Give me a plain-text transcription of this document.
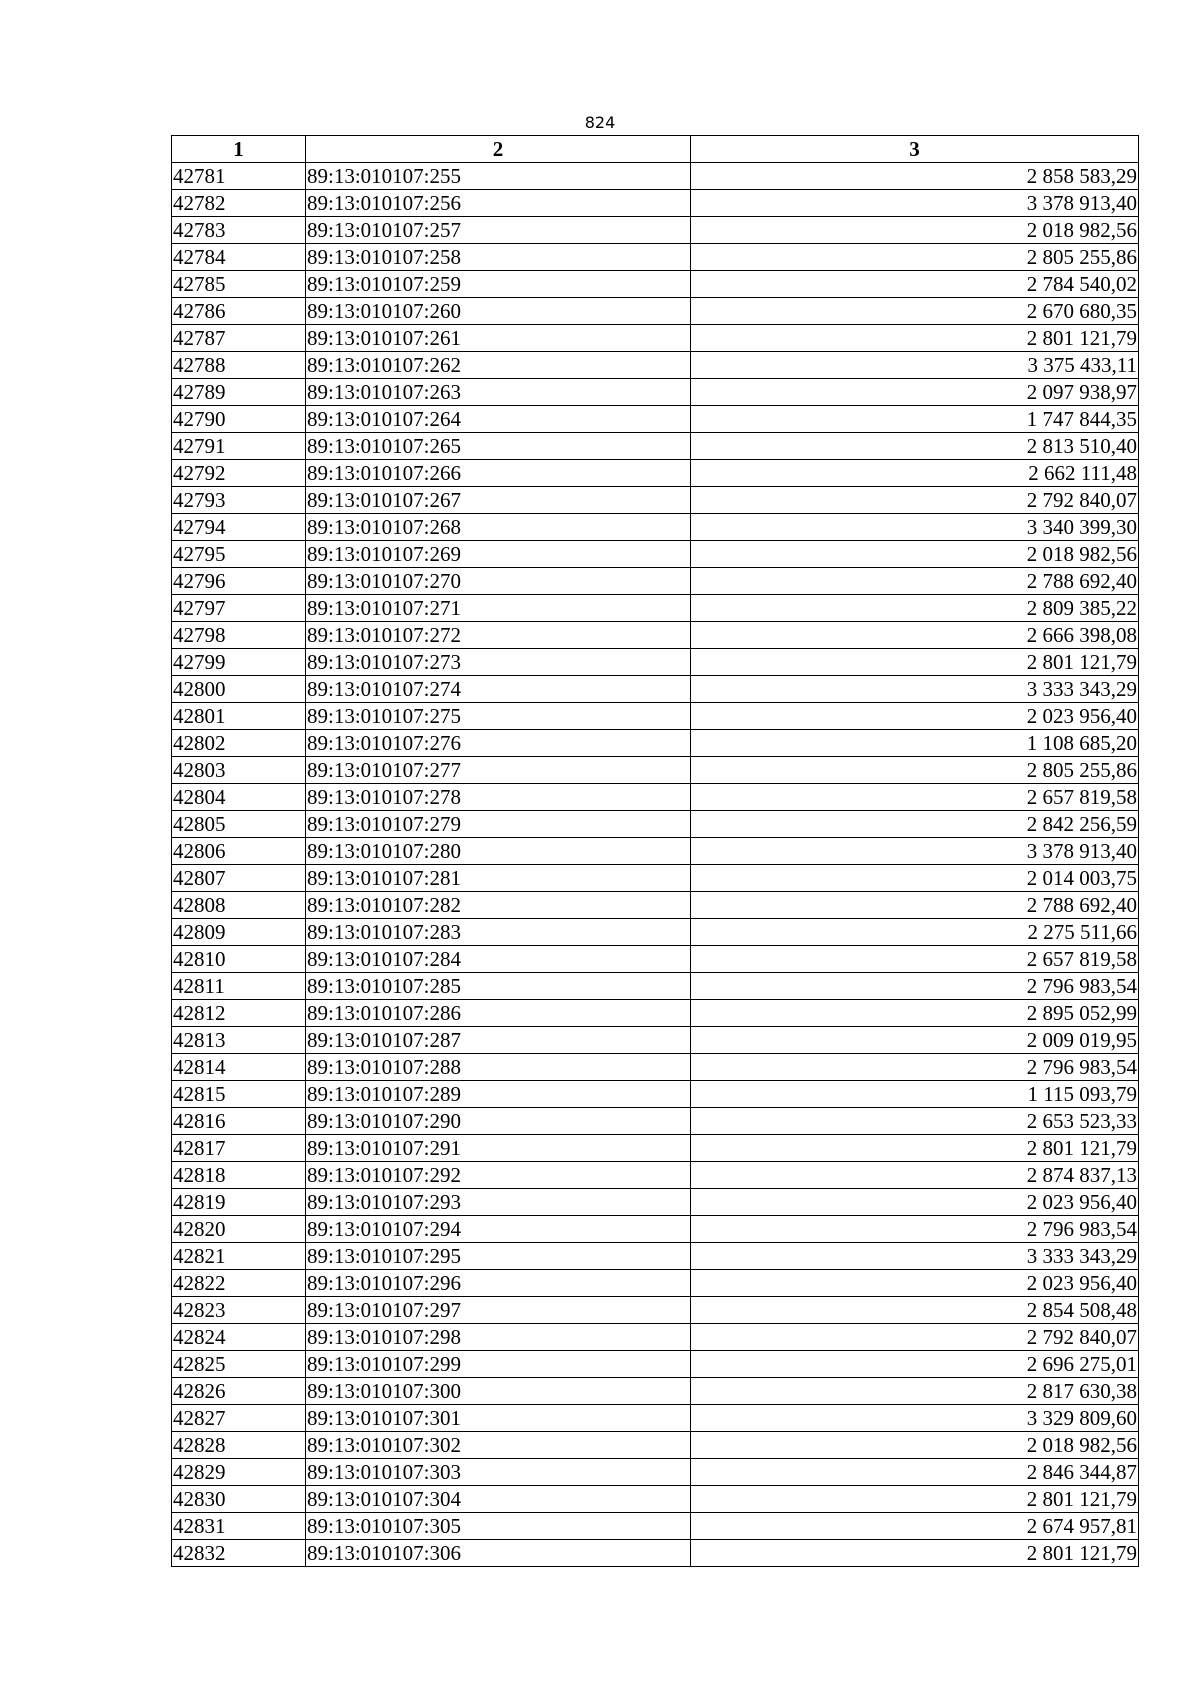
824
1	2	3
42781	89:13:010107:255	2 858 583,29
42782	89:13:010107:256	3 378 913,40
42783	89:13:010107:257	2 018 982,56
42784	89:13:010107:258	2 805 255,86
42785	89:13:010107:259	2 784 540,02
42786	89:13:010107:260	2 670 680,35
42787	89:13:010107:261	2 801 121,79
42788	89:13:010107:262	3 375 433,11
42789	89:13:010107:263	2 097 938,97
42790	89:13:010107:264	1 747 844,35
42791	89:13:010107:265	2 813 510,40
42792	89:13:010107:266	2 662 111,48
42793	89:13:010107:267	2 792 840,07
42794	89:13:010107:268	3 340 399,30
42795	89:13:010107:269	2 018 982,56
42796	89:13:010107:270	2 788 692,40
42797	89:13:010107:271	2 809 385,22
42798	89:13:010107:272	2 666 398,08
42799	89:13:010107:273	2 801 121,79
42800	89:13:010107:274	3 333 343,29
42801	89:13:010107:275	2 023 956,40
42802	89:13:010107:276	1 108 685,20
42803	89:13:010107:277	2 805 255,86
42804	89:13:010107:278	2 657 819,58
42805	89:13:010107:279	2 842 256,59
42806	89:13:010107:280	3 378 913,40
42807	89:13:010107:281	2 014 003,75
42808	89:13:010107:282	2 788 692,40
42809	89:13:010107:283	2 275 511,66
42810	89:13:010107:284	2 657 819,58
42811	89:13:010107:285	2 796 983,54
42812	89:13:010107:286	2 895 052,99
42813	89:13:010107:287	2 009 019,95
42814	89:13:010107:288	2 796 983,54
42815	89:13:010107:289	1 115 093,79
42816	89:13:010107:290	2 653 523,33
42817	89:13:010107:291	2 801 121,79
42818	89:13:010107:292	2 874 837,13
42819	89:13:010107:293	2 023 956,40
42820	89:13:010107:294	2 796 983,54
42821	89:13:010107:295	3 333 343,29
42822	89:13:010107:296	2 023 956,40
42823	89:13:010107:297	2 854 508,48
42824	89:13:010107:298	2 792 840,07
42825	89:13:010107:299	2 696 275,01
42826	89:13:010107:300	2 817 630,38
42827	89:13:010107:301	3 329 809,60
42828	89:13:010107:302	2 018 982,56
42829	89:13:010107:303	2 846 344,87
42830	89:13:010107:304	2 801 121,79
42831	89:13:010107:305	2 674 957,81
42832	89:13:010107:306	2 801 121,79
